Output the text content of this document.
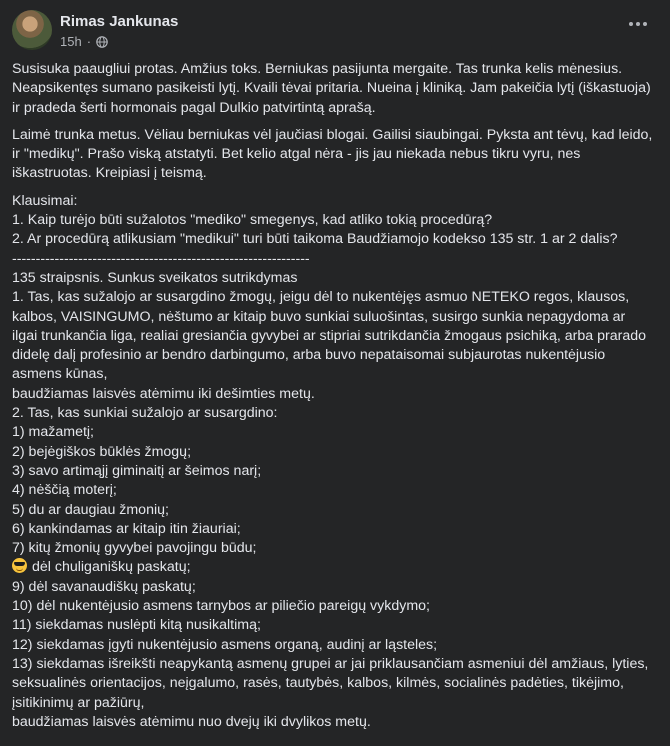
Rimas Jankunas
15h ·

Susisuka paaugliui protas. Amžius toks. Berniukas pasijunta mergaite. Tas trunka kelis mėnesius. Neapsikentęs sumano pasikeisti lytį. Kvaili tėvai pritaria. Nueina į kliniką. Jam pakeičia lytį (iškastuoja) ir pradeda šerti hormonais pagal Dulkio patvirtintą aprašą.

Laimė trunka metus. Vėliau berniukas vėl jaučiasi blogai. Gailisi siaubingai. Pyksta ant tėvų, kad leido, ir "medikų". Prašo viską atstatyti. Bet kelio atgal nėra - jis jau niekada nebus tikru vyru, nes iškastruotas. Kreipiasi į teismą.

Klausimai:
1. Kaip turėjo būti sužalotos "mediko" smegenys, kad atliko tokią procedūrą?
2. Ar procedūrą atlikusiam "medikui" turi būti taikoma Baudžiamojo kodekso 135 str. 1 ar 2 dalis?
---------------------------------------------------------------
135 straipsnis. Sunkus sveikatos sutrikdymas
1. Tas, kas sužalojo ar susargdino žmogų, jeigu dėl to nukentėjęs asmuo NETEKO regos, klausos, kalbos, VAISINGUMO, nėštumo ar kitaip buvo sunkiai suluošintas, susirgo sunkia nepagydoma ar ilgai trunkančia liga, realiai gresiančia gyvybei ar stipriai sutrikdančia žmogaus psichiką, arba prarado didelę dalį profesinio ar bendro darbingumo, arba buvo nepataisomai subjaurotas nukentėjusio asmens kūnas,
baudžiamas laisvės atėmimu iki dešimties metų.
2. Tas, kas sunkiai sužalojo ar susargdino:
1) mažametį;
2) bejėgiškos būklės žmogų;
3) savo artimąjį giminaitį ar šeimos narį;
4) nėščią moterį;
5) du ar daugiau žmonių;
6) kankindamas ar kitaip itin žiauriai;
7) kitų žmonių gyvybei pavojingu būdu;
dėl chuliganiškų paskatų;
9) dėl savanaudiškų paskatų;
10) dėl nukentėjusio asmens tarnybos ar piliečio pareigų vykdymo;
11) siekdamas nuslėpti kitą nusikaltimą;
12) siekdamas įgyti nukentėjusio asmens organą, audinį ar ląsteles;
13) siekdamas išreikšti neapykantą asmenų grupei ar jai priklausančiam asmeniui dėl amžiaus, lyties, seksualinės orientacijos, neįgalumo, rasės, tautybės, kalbos, kilmės, socialinės padėties, tikėjimo, įsitikinimų ar pažiūrų,
baudžiamas laisvės atėmimu nuo dvejų iki dvylikos metų.
